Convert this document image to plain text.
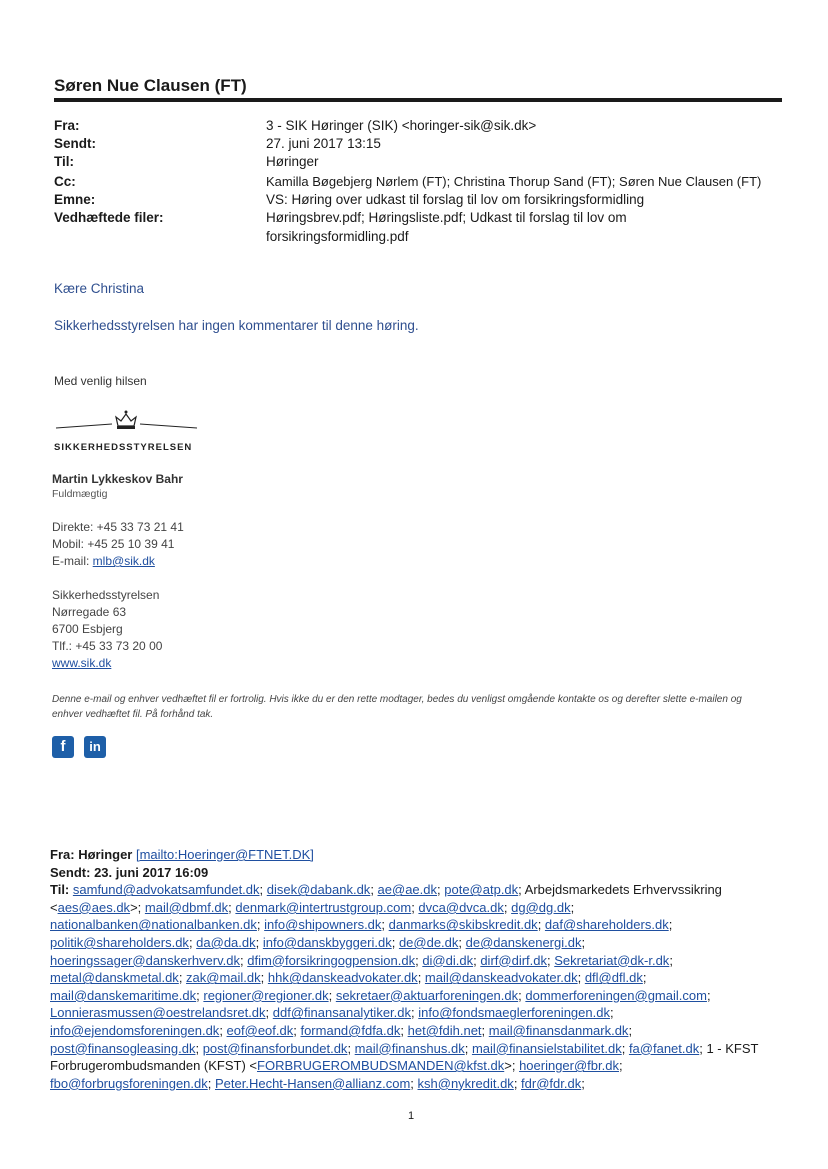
Søren Nue Clausen (FT)
Fra:	3 - SIK Høringer (SIK) <horinger-sik@sik.dk>
Sendt:	27. juni 2017 13:15
Til:	Høringer
Cc:	Kamilla Bøgebjerg Nørlem (FT); Christina Thorup Sand (FT); Søren Nue Clausen (FT)
Emne:	VS: Høring over udkast til forslag til lov om forsikringsformidling
Vedhæftede filer:	Høringsbrev.pdf; Høringsliste.pdf; Udkast til forslag til lov om
forsikringsformidling.pdf
Kære Christina
Sikkerhedsstyrelsen har ingen kommentarer til denne høring.
Med venlig hilsen
SIKKERHEDSSTYRELSEN
Martin Lykkeskov Bahr
Fuldmægtig
Direkte: +45 33 73 21 41
Mobil: +45 25 10 39 41
E-mail: mlb@sik.dk
Sikkerhedsstyrelsen
Nørregade 63
6700 Esbjerg
Tlf.: +45 33 73 20 00
www.sik.dk
Denne e-mail og enhver vedhæftet fil er fortrolig. Hvis ikke du er den rette modtager, bedes du venligst omgående kontakte os og derefter slette e-mailen og enhver vedhæftet fil. På forhånd tak.
f	in
Fra: Høringer [mailto:Hoeringer@FTNET.DK]
Sendt: 23. juni 2017 16:09
Til: samfund@advokatsamfundet.dk; disek@dabank.dk; ae@ae.dk; pote@atp.dk; Arbejdsmarkedets Erhvervssikring <aes@aes.dk>; mail@dbmf.dk; denmark@intertrustgroup.com; dvca@dvca.dk; dg@dg.dk; nationalbanken@nationalbanken.dk; info@shipowners.dk; danmarks@skibskredit.dk; daf@shareholders.dk; politik@shareholders.dk; da@da.dk; info@danskbyggeri.dk; de@de.dk; de@danskenergi.dk; hoeringssager@danskerhverv.dk; dfim@forsikringogpension.dk; di@di.dk; dirf@dirf.dk; Sekretariat@dk-r.dk; metal@danskmetal.dk; zak@mail.dk; hhk@danskeadvokater.dk; mail@danskeadvokater.dk; dfl@dfl.dk; mail@danskemaritime.dk; regioner@regioner.dk; sekretaer@aktuarforeningen.dk; dommerforeningen@gmail.com; Lonnierasmussen@oestrelandsret.dk; ddf@finansanalytiker.dk; info@fondsmaeglerforeningen.dk; info@ejendomsforeningen.dk; eof@eof.dk; formand@fdfa.dk; het@fdih.net; mail@finansdanmark.dk; post@finansogleasing.dk; post@finansforbundet.dk; mail@finanshus.dk; mail@finansielstabilitet.dk; fa@fanet.dk; 1 - KFST Forbrugerombudsmanden (KFST) <FORBRUGEROMBUDSMANDEN@kfst.dk>; hoeringer@fbr.dk; fbo@forbrugsforeningen.dk; Peter.Hecht-Hansen@allianz.com; ksh@nykredit.dk; fdr@fdr.dk;
1
